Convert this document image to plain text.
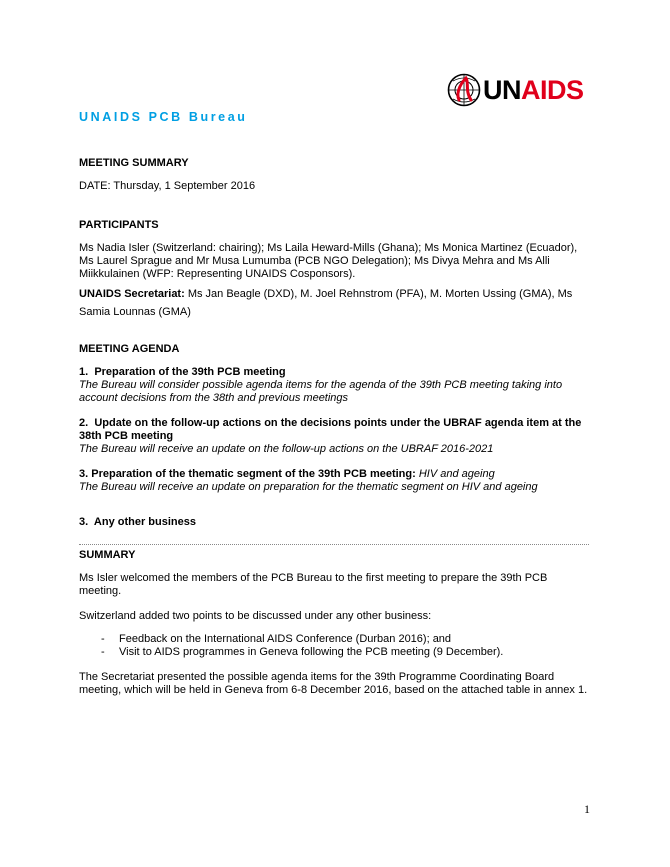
UNAIDS
UNAIDS PCB Bureau
MEETING SUMMARY
DATE: Thursday, 1 September 2016
PARTICIPANTS
Ms Nadia Isler (Switzerland: chairing); Ms Laila Heward-Mills (Ghana); Ms Monica Martinez (Ecuador), Ms Laurel Sprague and Mr Musa Lumumba (PCB NGO Delegation); Ms Divya Mehra and Ms Alli Miikkulainen (WFP: Representing UNAIDS Cosponsors).
UNAIDS Secretariat: Ms Jan Beagle (DXD), M. Joel Rehnstrom (PFA), M. Morten Ussing (GMA), Ms Samia Lounnas (GMA)
MEETING AGENDA
1. Preparation of the 39th PCB meeting
The Bureau will consider possible agenda items for the agenda of the 39th PCB meeting taking into account decisions from the 38th and previous meetings
2. Update on the follow-up actions on the decisions points under the UBRAF agenda item at the 38th PCB meeting
The Bureau will receive an update on the follow-up actions on the UBRAF 2016-2021
3. Preparation of the thematic segment of the 39th PCB meeting: HIV and ageing
The Bureau will receive an update on preparation for the thematic segment on HIV and ageing
3. Any other business
SUMMARY
Ms Isler welcomed the members of the PCB Bureau to the first meeting to prepare the 39th PCB meeting.
Switzerland added two points to be discussed under any other business:
- Feedback on the International AIDS Conference (Durban 2016); and
- Visit to AIDS programmes in Geneva following the PCB meeting (9 December).
The Secretariat presented the possible agenda items for the 39th Programme Coordinating Board meeting, which will be held in Geneva from 6-8 December 2016, based on the attached table in annex 1.
1
